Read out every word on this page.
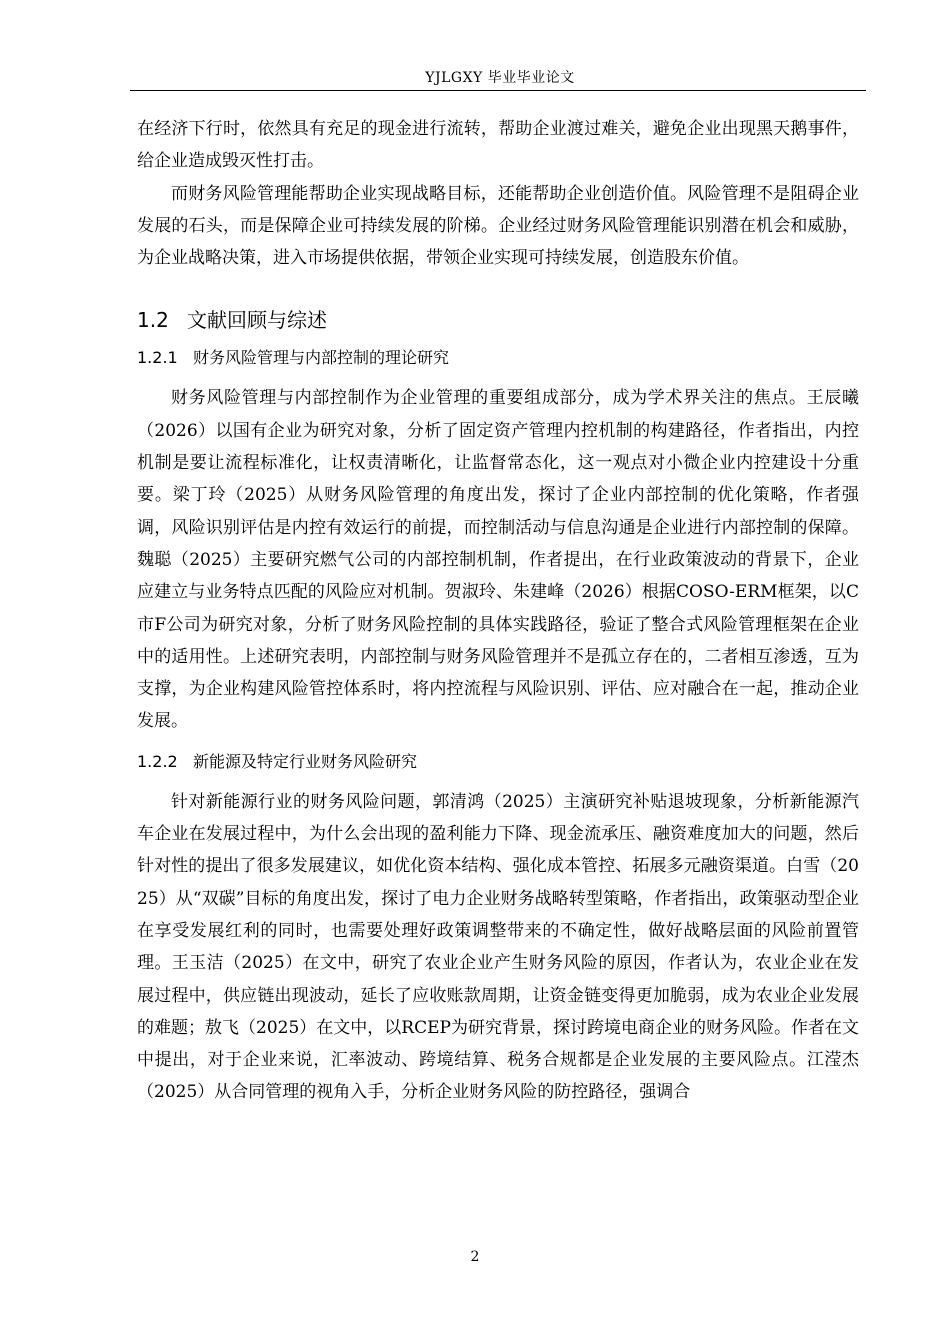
YJLGXY 毕业毕业论文

在经济下行时，依然具有充足的现金进行流转，帮助企业渡过难关，避免企业出现黑天鹅事件，给企业造成毁灭性打击。

而财务风险管理能帮助企业实现战略目标，还能帮助企业创造价值。风险管理不是阻碍企业发展的石头，而是保障企业可持续发展的阶梯。企业经过财务风险管理能识别潜在机会和威胁，为企业战略决策，进入市场提供依据，带领企业实现可持续发展，创造股东价值。

1.2 文献回顾与综述
1.2.1 财务风险管理与内部控制的理论研究

财务风险管理与内部控制作为企业管理的重要组成部分，成为学术界关注的焦点。王辰曦（2026）以国有企业为研究对象，分析了固定资产管理内控机制的构建路径，作者指出，内控机制是要让流程标准化，让权责清晰化，让监督常态化，这一观点对小微企业内控建设十分重要。梁丁玲（2025）从财务风险管理的角度出发，探讨了企业内部控制的优化策略，作者强调，风险识别评估是内控有效运行的前提，而控制活动与信息沟通是企业进行内部控制的保障。魏聪（2025）主要研究燃气公司的内部控制机制，作者提出，在行业政策波动的背景下，企业应建立与业务特点匹配的风险应对机制。贺淑玲、朱建峰（2026）根据COSO-ERM框架，以C市F公司为研究对象，分析了财务风险控制的具体实践路径，验证了整合式风险管理框架在企业中的适用性。上述研究表明，内部控制与财务风险管理并不是孤立存在的，二者相互渗透，互为支撑，为企业构建风险管控体系时，将内控流程与风险识别、评估、应对融合在一起，推动企业发展。

1.2.2 新能源及特定行业财务风险研究

针对新能源行业的财务风险问题，郭清鸿（2025）主演研究补贴退坡现象，分析新能源汽车企业在发展过程中，为什么会出现的盈利能力下降、现金流承压、融资难度加大的问题，然后针对性的提出了很多发展建议，如优化资本结构、强化成本管控、拓展多元融资渠道。白雪（2025）从“双碳”目标的角度出发，探讨了电力企业财务战略转型策略，作者指出，政策驱动型企业在享受发展红利的同时，也需要处理好政策调整带来的不确定性，做好战略层面的风险前置管理。王玉洁（2025）在文中，研究了农业企业产生财务风险的原因，作者认为，农业企业在发展过程中，供应链出现波动，延长了应收账款周期，让资金链变得更加脆弱，成为农业企业发展的难题；敖飞（2025）在文中，以RCEP为研究背景，探讨跨境电商企业的财务风险。作者在文中提出，对于企业来说，汇率波动、跨境结算、税务合规都是企业发展的主要风险点。江滢杰（2025）从合同管理的视角入手，分析企业财务风险的防控路径，强调合

2
